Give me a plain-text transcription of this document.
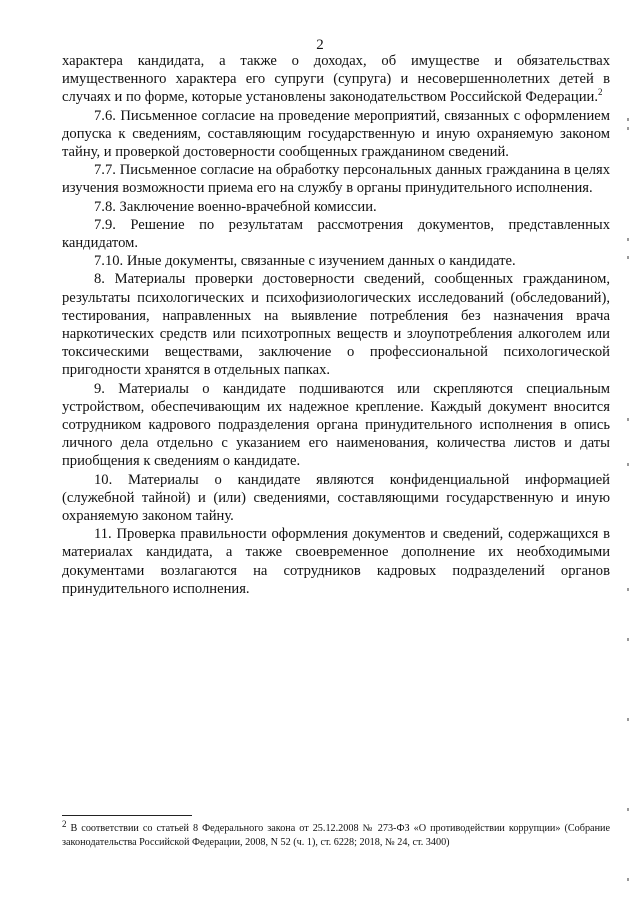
2

характера кандидата, а также о доходах, об имуществе и обязательствах имущественного характера его супруги (супруга) и несовершеннолетних детей в случаях и по форме, которые установлены законодательством Российской Федерации.$^2$

7.6. Письменное согласие на проведение мероприятий, связанных с оформлением допуска к сведениям, составляющим государственную и иную охраняемую законом тайну, и проверкой достоверности сообщенных гражданином сведений.

7.7. Письменное согласие на обработку персональных данных гражданина в целях изучения возможности приема его на службу в органы принудительного исполнения.

7.8. Заключение военно-врачебной комиссии.

7.9. Решение по результатам рассмотрения документов, представленных кандидатом.

7.10. Иные документы, связанные с изучением данных о кандидате.

8. Материалы проверки достоверности сведений, сообщенных гражданином, результаты психологических и психофизиологических исследований (обследований), тестирования, направленных на выявление потребления без назначения врача наркотических средств или психотропных веществ и злоупотребления алкоголем или токсическими веществами, заключение о профессиональной психологической пригодности хранятся в отдельных папках.

9. Материалы о кандидате подшиваются или скрепляются специальным устройством, обеспечивающим их надежное крепление. Каждый документ вносится сотрудником кадрового подразделения органа принудительного исполнения в опись личного дела отдельно с указанием его наименования, количества листов и даты приобщения к сведениям о кандидате.

10. Материалы о кандидате являются конфиденциальной информацией (служебной тайной) и (или) сведениями, составляющими государственную и иную охраняемую законом тайну.

11. Проверка правильности оформления документов и сведений, содержащихся в материалах кандидата, а также своевременное дополнение их необходимыми документами возлагаются на сотрудников кадровых подразделений органов принудительного исполнения.

2 В соответствии со статьей 8 Федерального закона от 25.12.2008 № 273-ФЗ «О противодействии коррупции» (Собрание законодательства Российской Федерации, 2008, N 52 (ч. 1), ст. 6228; 2018, № 24, ст. 3400)
